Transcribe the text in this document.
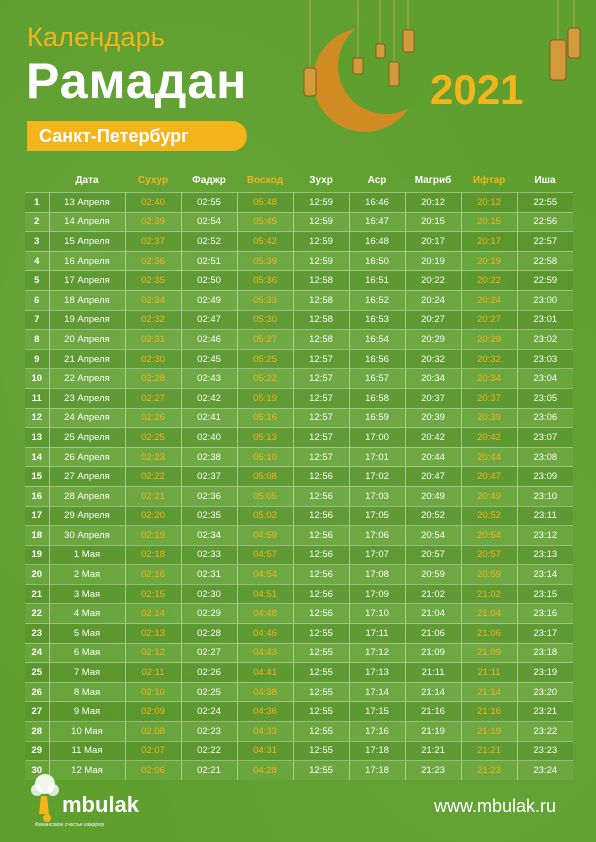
Календарь
Рамадан	2021
Санкт-Петербург
	Дата	Сухур	Фаджр	Восход	Зухр	Аср	Магриб	Ифтар	Иша
1	13 Апреля	02:40	02:55	05:48	12:59	16:46	20:12	20:12	22:55
2	14 Апреля	02:39	02:54	05:45	12:59	16:47	20:15	20:15	22:56
3	15 Апреля	02:37	02:52	05:42	12:59	16:48	20:17	20:17	22:57
4	16 Апреля	02:36	02:51	05:39	12:59	16:50	20:19	20:19	22:58
5	17 Апреля	02:35	02:50	05:36	12:58	16:51	20:22	20:22	22:59
6	18 Апреля	02:34	02:49	05:33	12:58	16:52	20:24	20:24	23:00
7	19 Апреля	02:32	02:47	05:30	12:58	16:53	20:27	20:27	23:01
8	20 Апреля	02:31	02:46	05:27	12:58	16:54	20:29	20:29	23:02
9	21 Апреля	02:30	02:45	05:25	12:57	16:56	20:32	20:32	23:03
10	22 Апреля	02:28	02:43	05:22	12:57	16:57	20:34	20:34	23:04
11	23 Апреля	02:27	02:42	05:19	12:57	16:58	20:37	20:37	23:05
12	24 Апреля	02:26	02:41	05:16	12:57	16:59	20:39	20:39	23:06
13	25 Апреля	02:25	02:40	05:13	12:57	17:00	20:42	20:42	23:07
14	26 Апреля	02:23	02:38	05:10	12:57	17:01	20:44	20:44	23:08
15	27 Апреля	02:22	02:37	05:08	12:56	17:02	20:47	20:47	23:09
16	28 Апреля	02:21	02:36	05:05	12:56	17:03	20:49	20:49	23:10
17	29 Апреля	02:20	02:35	05:02	12:56	17:05	20:52	20:52	23:11
18	30 Апреля	02:19	02:34	04:59	12:56	17:06	20:54	20:54	23:12
19	1 Мая	02:18	02:33	04:57	12:56	17:07	20:57	20:57	23:13
20	2 Мая	02:16	02:31	04:54	12:56	17:08	20:59	20:59	23:14
21	3 Мая	02:15	02:30	04:51	12:56	17:09	21:02	21:02	23:15
22	4 Мая	02:14	02:29	04:48	12:56	17:10	21:04	21:04	23:16
23	5 Мая	02:13	02:28	04:46	12:55	17:11	21:06	21:06	23:17
24	6 Мая	02:12	02:27	04:43	12:55	17:12	21:09	21:09	23:18
25	7 Мая	02:11	02:26	04:41	12:55	17:13	21:11	21:11	23:19
26	8 Мая	02:10	02:25	04:38	12:55	17:14	21:14	21:14	23:20
27	9 Мая	02:09	02:24	04:36	12:55	17:15	21:16	21:16	23:21
28	10 Мая	02:08	02:23	04:33	12:55	17:16	21:19	21:19	23:22
29	11 Мая	02:07	02:22	04:31	12:55	17:18	21:21	21:21	23:23
30	12 Мая	02:06	02:21	04:28	12:55	17:18	21:23	21:23	23:24
mbulak
Финансовое счастье каждому
www.mbulak.ru
